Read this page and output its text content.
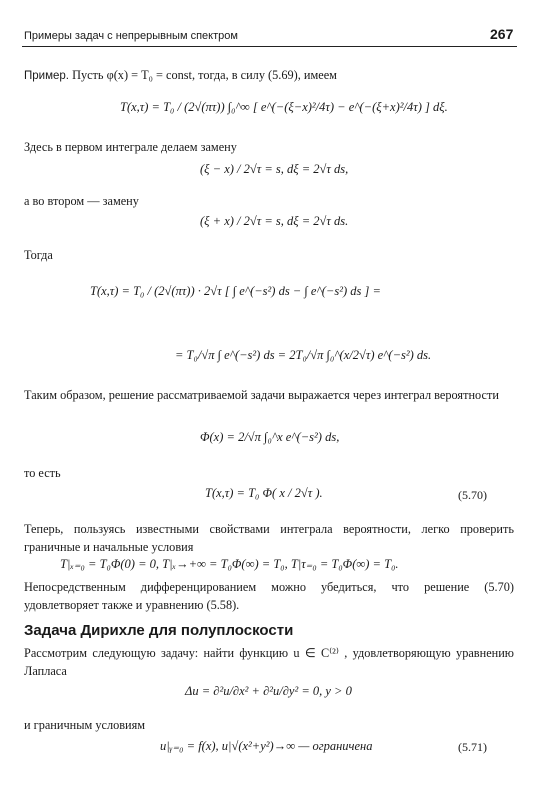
Примеры задач с непрерывным спектром	267
Пример. Пусть φ(x) = T₀ = const, тогда, в силу (5.69), имеем
T(x,τ) = T₀ / (2√(πτ)) ∫₀^∞ [ e^(−(ξ−x)²/4τ) − e^(−(ξ+x)²/4τ) ] dξ.
Здесь в первом интеграле делаем замену
(ξ − x) / 2√τ = s, dξ = 2√τ ds,
а во втором — замену
(ξ + x) / 2√τ = s, dξ = 2√τ ds.
Тогда
T(x,τ) = T₀ / (2√(πτ)) · 2√τ [ ∫ e^(−s²) ds − ∫ e^(−s²) ds ] =
= T₀/√π ∫ e^(−s²) ds = 2T₀/√π ∫₀^(x/2√τ) e^(−s²) ds.
Таким образом, решение рассматриваемой задачи выражается через интеграл вероятности
Φ(x) = 2/√π ∫₀^x e^(−s²) ds,
то есть
T(x,τ) = T₀ Φ( x / 2√τ ).	(5.70)
Теперь, пользуясь известными свойствами интеграла вероятности, легко проверить граничные и начальные условия
T|ₓ₌₀ = T₀Φ(0) = 0, T|ₓ→+∞ = T₀Φ(∞) = T₀, T|τ₌₀ = T₀Φ(∞) = T₀.
Непосредственным дифференцированием можно убедиться, что решение (5.70) удовлетворяет также и уравнению (5.58).
Задача Дирихле для полуплоскости
Рассмотрим следующую задачу: найти функцию u ∈ C⁽²⁾ , удовлетворяющую уравнению Лапласа
Δu = ∂²u/∂x² + ∂²u/∂y² = 0, y > 0
и граничным условиям
u|ᵧ₌₀ = f(x), u|√(x²+y²)→∞ — ограничена	(5.71)
